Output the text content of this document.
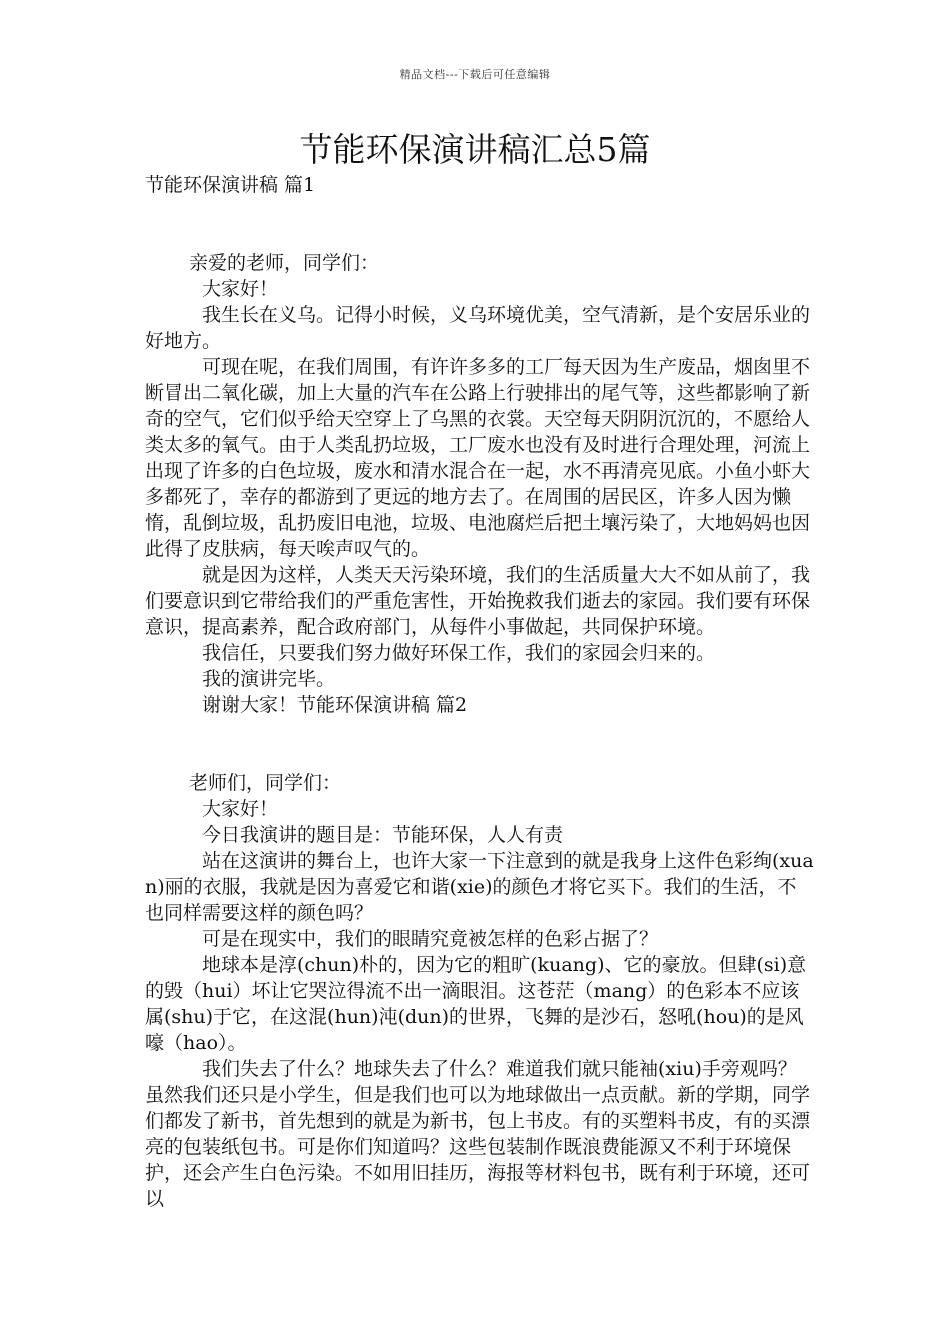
精品文档---下载后可任意编辑
节能环保演讲稿汇总5篇

节能环保演讲稿 篇1

亲爱的老师，同学们：

大家好！

我生长在义乌。记得小时候，义乌环境优美，空气清新，是个安居乐业的好地方。

可现在呢，在我们周围，有许许多多的工厂每天因为生产废品，烟囱里不断冒出二氧化碳，加上大量的汽车在公路上行驶排出的尾气等，这些都影响了新奇的空气，它们似乎给天空穿上了乌黑的衣裳。天空每天阴阴沉沉的，不愿给人类太多的氧气。由于人类乱扔垃圾，工厂废水也没有及时进行合理处理，河流上出现了许多的白色垃圾，废水和清水混合在一起，水不再清亮见底。小鱼小虾大多都死了，幸存的都游到了更远的地方去了。在周围的居民区，许多人因为懒惰，乱倒垃圾，乱扔废旧电池，垃圾、电池腐烂后把土壤污染了，大地妈妈也因此得了皮肤病，每天唉声叹气的。

就是因为这样，人类天天污染环境，我们的生活质量大大不如从前了，我们要意识到它带给我们的严重危害性，开始挽救我们逝去的家园。我们要有环保意识，提高素养，配合政府部门，从每件小事做起，共同保护环境。

我信任，只要我们努力做好环保工作，我们的家园会归来的。

我的演讲完毕。

谢谢大家！节能环保演讲稿 篇2

老师们，同学们：

大家好！

今日我演讲的题目是：节能环保，人人有责

站在这演讲的舞台上，也许大家一下注意到的就是我身上这件色彩绚(xuan)丽的衣服，我就是因为喜爱它和谐(xie)的颜色才将它买下。我们的生活，不也同样需要这样的颜色吗？

可是在现实中，我们的眼睛究竟被怎样的色彩占据了？

地球本是淳(chun)朴的，因为它的粗旷(kuang)、它的豪放。但肆(si)意的毁（hui）坏让它哭泣得流不出一滴眼泪。这苍茫（mang）的色彩本不应该属(shu)于它，在这混(hun)沌(dun)的世界，飞舞的是沙石，怒吼(hou)的是风嚎（hao）。

我们失去了什么？地球失去了什么？难道我们就只能袖(xiu)手旁观吗？虽然我们还只是小学生，但是我们也可以为地球做出一点贡献。新的学期，同学们都发了新书，首先想到的就是为新书，包上书皮。有的买塑料书皮，有的买漂亮的包装纸包书。可是你们知道吗？这些包装制作既浪费能源又不利于环境保护，还会产生白色污染。不如用旧挂历，海报等材料包书，既有利于环境，还可以
